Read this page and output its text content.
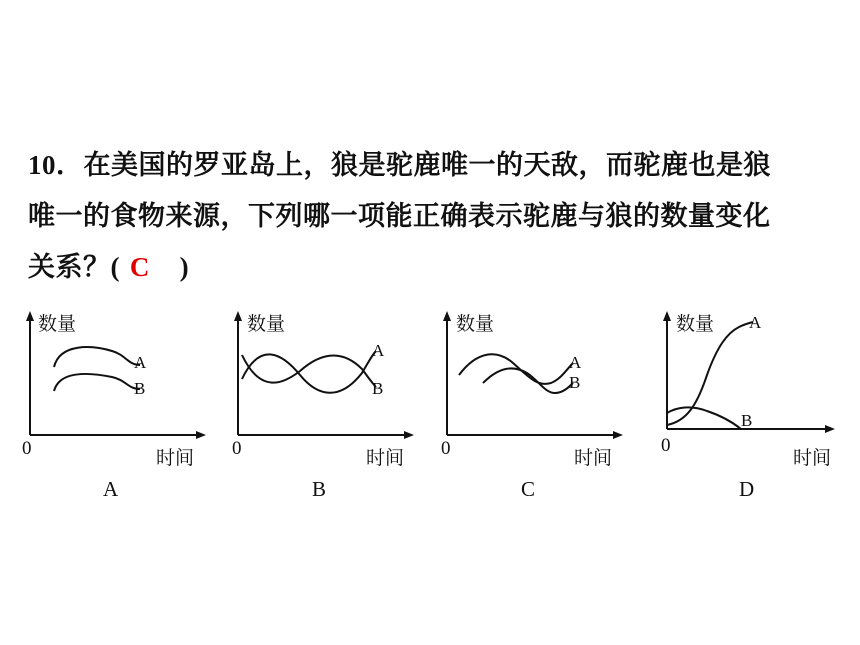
10．在美国的罗亚岛上，狼是驼鹿唯一的天敌，而驼鹿也是狼
唯一的食物来源，下列哪一项能正确表示驼鹿与狼的数量变化
关系？( C )
数量
A
B
0	时间
A
数量
A
B
0	时间
B
数量
A
B
0	时间
C
数量 A
B
0
时间
D
